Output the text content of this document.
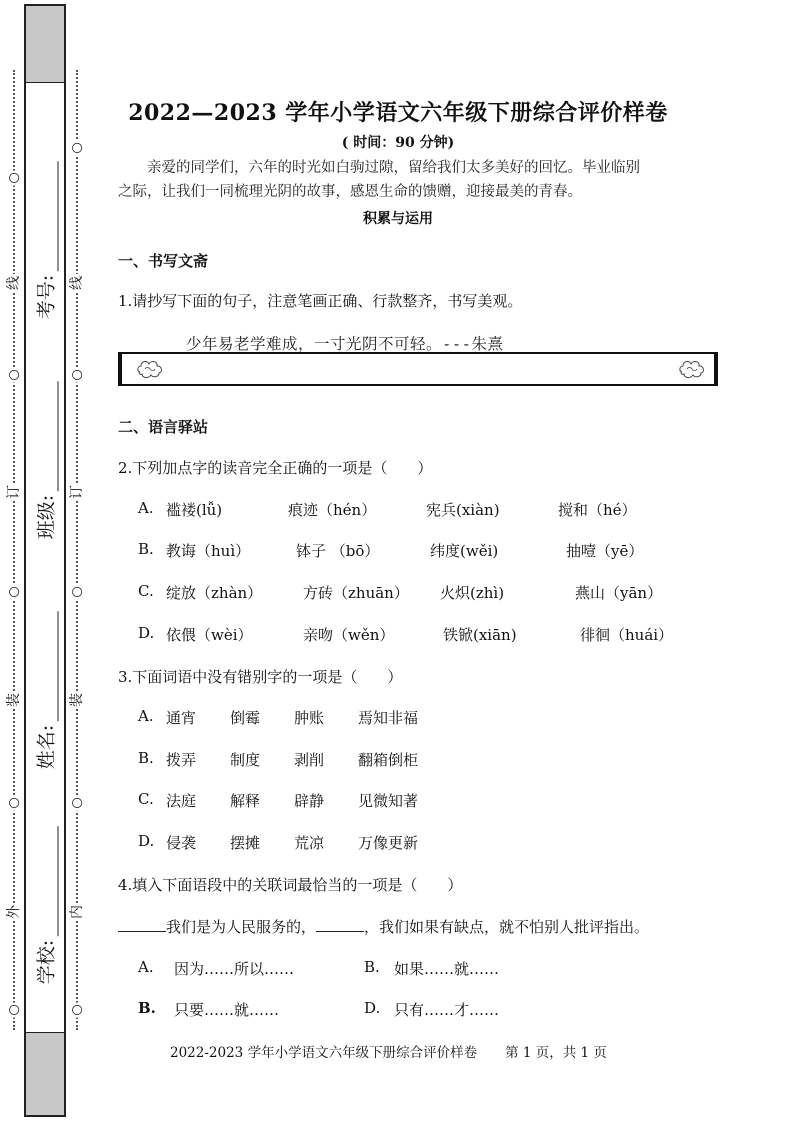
○
线
○
订
○
装
○
外
○
○
线
○
订
○
装
○
内
○
考号:
班级:
姓名:
学校:
2022—2023 学年小学语文六年级下册综合评价样卷
( 时间：90 分钟)
亲爱的同学们，六年的时光如白驹过隙，留给我们太多美好的回忆。毕业临别之际，让我们一同梳理光阴的故事，感恩生命的馈赠，迎接最美的青春。
积累与运用
一、书写文斋
1.请抄写下面的句子，注意笔画正确、行款整齐，书写美观。
少年易老学难成，一寸光阴不可轻。---朱熹
二、语言驿站
2.下列加点字的读音完全正确的一项是（　　）
A. 褴褛(lǚ)	痕迹（hén）	宪兵(xiàn)	搅和（hé）
B. 教诲（huì）	钵子 （bō）	纬度(wěi)	抽噎（yē）
C. 绽放（zhàn）	方砖（zhuān） 火炽(zhì)	燕山（yān）
D. 依偎（wèi）	亲吻（wěn）	铁锨(xiān)	徘徊（huái）
3.下面词语中没有错别字的一项是（　　）
A. 通宵 倒霉 肿账 焉知非福
B. 拨弄 制度 剥削 翻箱倒柜
C. 法庭 解释 辟静 见微知著
D. 侵袭 摆摊 荒凉 万像更新
4.填入下面语段中的关联词最恰当的一项是（　　）
我们是为人民服务的，	，我们如果有缺点，就不怕别人批评指出。
A. 因为……所以……	B. 如果……就……
B. 只要……就……	D. 只有……才……
2022-2023 学年小学语文六年级下册综合评价样卷 第 1 页，共 1 页
